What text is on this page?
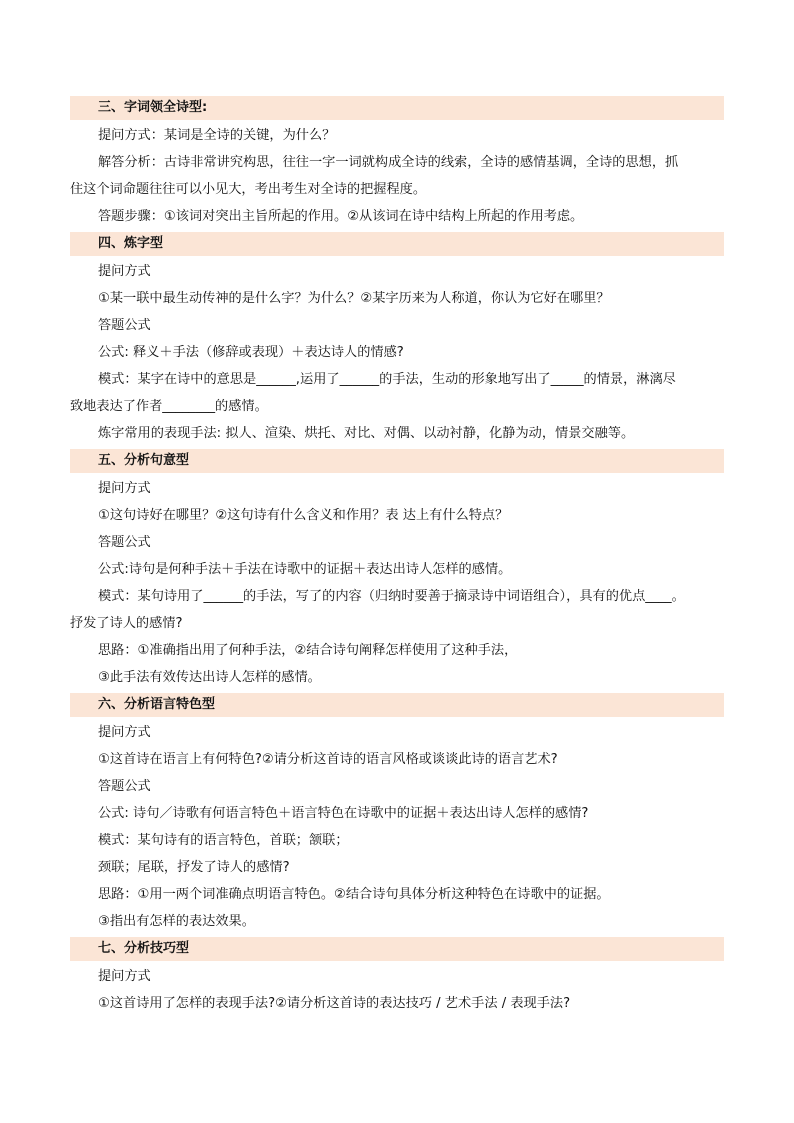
三、字词领全诗型:
提问方式：某词是全诗的关键，为什么？
解答分析：古诗非常讲究构思，往往一字一词就构成全诗的线索，全诗的感情基调，全诗的思想，抓
住这个词命题往往可以小见大，考出考生对全诗的把握程度。
答题步骤：①该词对突出主旨所起的作用。②从该词在诗中结构上所起的作用考虑。
四、炼字型
提问方式
①某一联中最生动传神的是什么字？为什么？②某字历来为人称道，你认为它好在哪里？
答题公式
公式: 释义＋手法（修辞或表现）＋表达诗人的情感?
模式：某字在诗中的意思是______,运用了______的手法，生动的形象地写出了_____的情景，淋漓尽
致地表达了作者________的感情。
炼字常用的表现手法: 拟人、渲染、烘托、对比、对偶、以动衬静，化静为动，情景交融等。
五、分析句意型
提问方式
①这句诗好在哪里？②这句诗有什么含义和作用？表 达上有什么特点？
答题公式
公式:诗句是何种手法＋手法在诗歌中的证据＋表达出诗人怎样的感情。
模式：某句诗用了______的手法，写了的内容（归纳时要善于摘录诗中词语组合），具有的优点____。
抒发了诗人的感情?
思路：①准确指出用了何种手法，②结合诗句阐释怎样使用了这种手法，
③此手法有效传达出诗人怎样的感情。
六、分析语言特色型
提问方式
①这首诗在语言上有何特色?②请分析这首诗的语言风格或谈谈此诗的语言艺术?
答题公式
公式: 诗句／诗歌有何语言特色＋语言特色在诗歌中的证据＋表达出诗人怎样的感情?
模式：某句诗有的语言特色，首联；颔联；
颈联；尾联，抒发了诗人的感情?
思路：①用一两个词准确点明语言特色。②结合诗句具体分析这种特色在诗歌中的证据。
③指出有怎样的表达效果。
七、分析技巧型
提问方式
①这首诗用了怎样的表现手法?②请分析这首诗的表达技巧 / 艺术手法 / 表现手法?
